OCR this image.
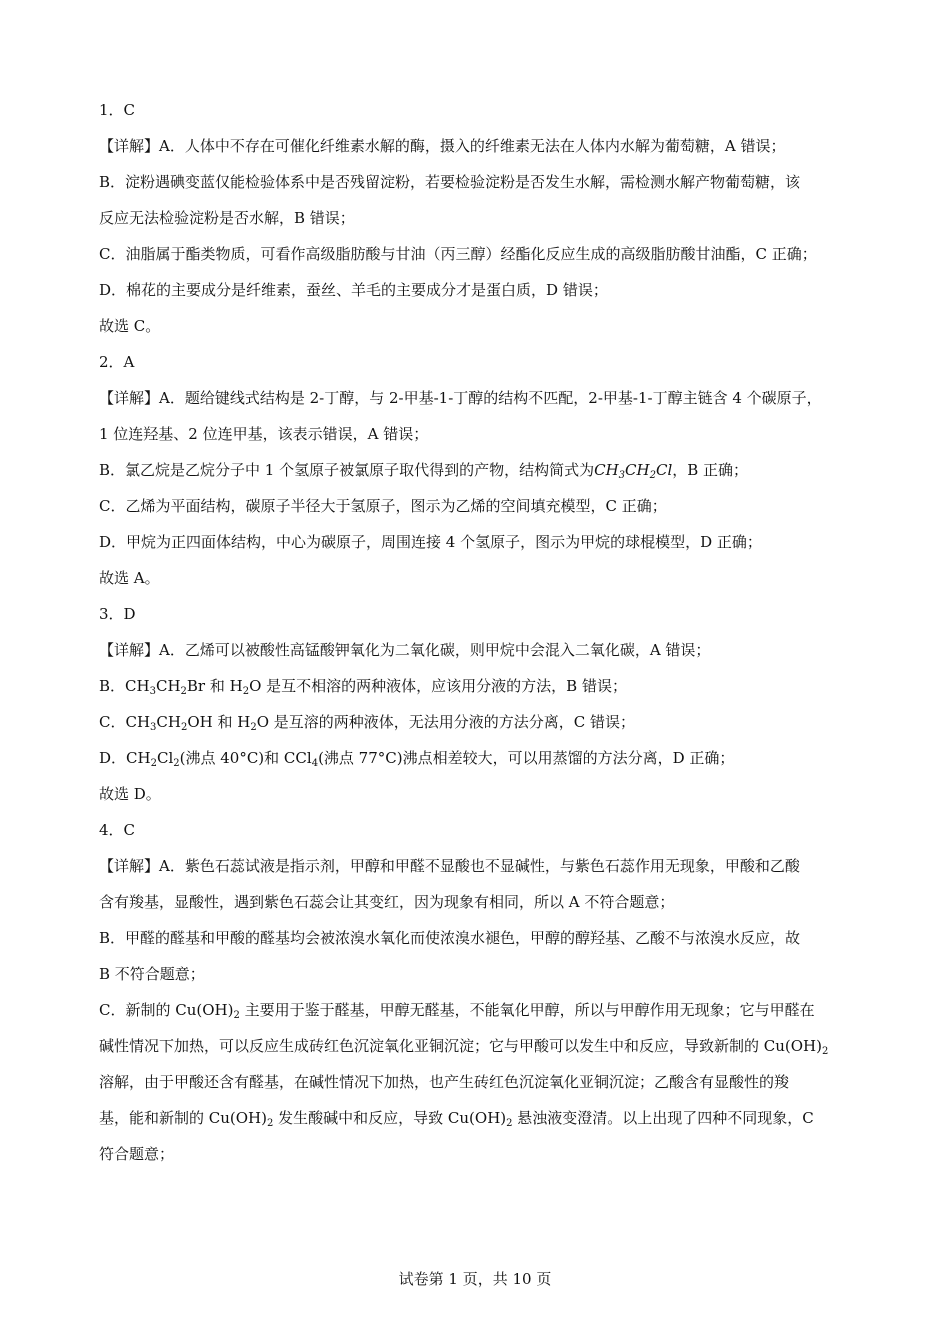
1．C

【详解】A．人体中不存在可催化纤维素水解的酶，摄入的纤维素无法在人体内水解为葡萄糖，A 错误；

B．淀粉遇碘变蓝仅能检验体系中是否残留淀粉，若要检验淀粉是否发生水解，需检测水解产物葡萄糖，该

反应无法检验淀粉是否水解，B 错误；

C．油脂属于酯类物质，可看作高级脂肪酸与甘油（丙三醇）经酯化反应生成的高级脂肪酸甘油酯，C 正确；

D．棉花的主要成分是纤维素，蚕丝、羊毛的主要成分才是蛋白质，D 错误；

故选 C。

2．A

【详解】A．题给键线式结构是 2-丁醇，与 2-甲基-1-丁醇的结构不匹配，2-甲基-1-丁醇主链含 4 个碳原子，

1 位连羟基、2 位连甲基，该表示错误，A 错误；

B．氯乙烷是乙烷分子中 1 个氢原子被氯原子取代得到的产物，结构简式为$CH_3CH_2Cl$，B 正确；

C．乙烯为平面结构，碳原子半径大于氢原子，图示为乙烯的空间填充模型，C 正确；

D．甲烷为正四面体结构，中心为碳原子，周围连接 4 个氢原子，图示为甲烷的球棍模型，D 正确；

故选 A。

3．D

【详解】A．乙烯可以被酸性高锰酸钾氧化为二氧化碳，则甲烷中会混入二氧化碳，A 错误；

B．$CH_3CH_2Br$ 和 $H_2O$ 是互不相溶的两种液体，应该用分液的方法，B 错误；

C．$CH_3CH_2OH$ 和 $H_2O$ 是互溶的两种液体，无法用分液的方法分离，C 错误；

D．$CH_2Cl_2$(沸点 40°C)和 CCl$_4$(沸点 77°C)沸点相差较大，可以用蒸馏的方法分离，D 正确；

故选 D。

4．C

【详解】A．紫色石蕊试液是指示剂，甲醇和甲醛不显酸也不显碱性，与紫色石蕊作用无现象，甲酸和乙酸

含有羧基，显酸性，遇到紫色石蕊会让其变红，因为现象有相同，所以 A 不符合题意；

B．甲醛的醛基和甲酸的醛基均会被浓溴水氧化而使浓溴水褪色，甲醇的醇羟基、乙酸不与浓溴水反应，故

B 不符合题意；

C．新制的 $Cu(OH)_2$ 主要用于鉴于醛基，甲醇无醛基，不能氧化甲醇，所以与甲醇作用无现象；它与甲醛在

碱性情况下加热，可以反应生成砖红色沉淀氧化亚铜沉淀；它与甲酸可以发生中和反应，导致新制的 $Cu(OH)_2$

溶解，由于甲酸还含有醛基，在碱性情况下加热，也产生砖红色沉淀氧化亚铜沉淀；乙酸含有显酸性的羧

基，能和新制的 $Cu(OH)_2$ 发生酸碱中和反应，导致 $Cu(OH)_2$ 悬浊液变澄清。以上出现了四种不同现象，C

符合题意；

试卷第 1 页，共 10 页
